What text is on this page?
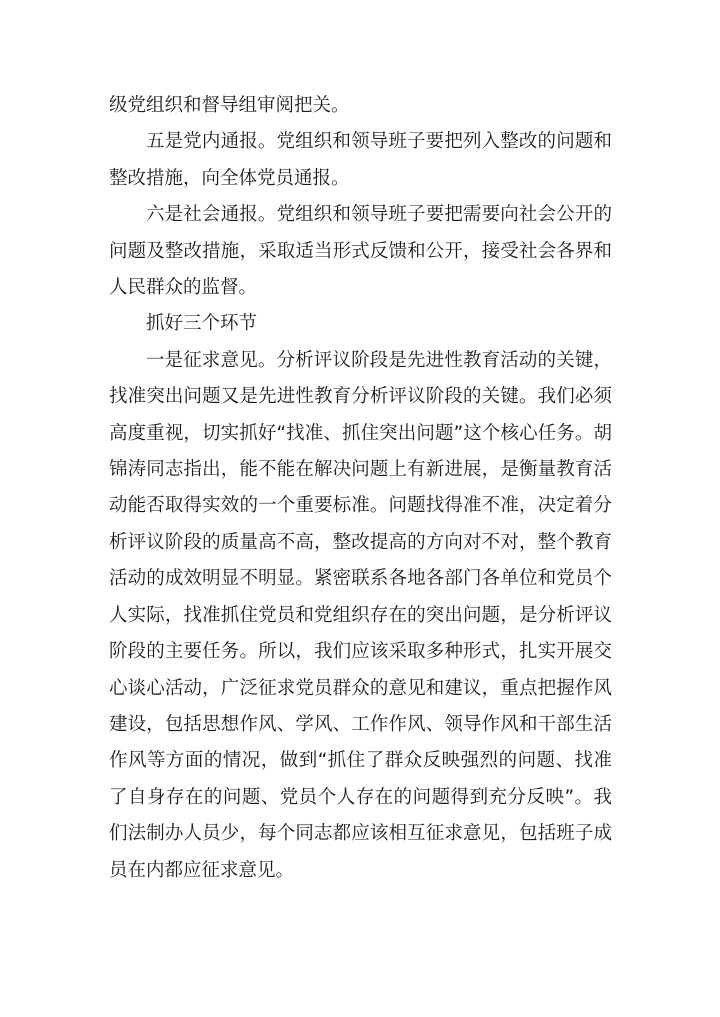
级党组织和督导组审阅把关。

五是党内通报。党组织和领导班子要把列入整改的问题和整改措施，向全体党员通报。

六是社会通报。党组织和领导班子要把需要向社会公开的问题及整改措施，采取适当形式反馈和公开，接受社会各界和人民群众的监督。

抓好三个环节

一是征求意见。分析评议阶段是先进性教育活动的关键，找准突出问题又是先进性教育分析评议阶段的关键。我们必须高度重视，切实抓好“找准、抓住突出问题”这个核心任务。胡锦涛同志指出，能不能在解决问题上有新进展，是衡量教育活动能否取得实效的一个重要标准。问题找得准不准，决定着分析评议阶段的质量高不高，整改提高的方向对不对，整个教育活动的成效明显不明显。紧密联系各地各部门各单位和党员个人实际，找准抓住党员和党组织存在的突出问题，是分析评议阶段的主要任务。所以，我们应该采取多种形式，扎实开展交心谈心活动，广泛征求党员群众的意见和建议，重点把握作风建设，包括思想作风、学风、工作作风、领导作风和干部生活作风等方面的情况，做到“抓住了群众反映强烈的问题、找准了自身存在的问题、党员个人存在的问题得到充分反映”。我们法制办人员少，每个同志都应该相互征求意见，包括班子成员在内都应征求意见。
